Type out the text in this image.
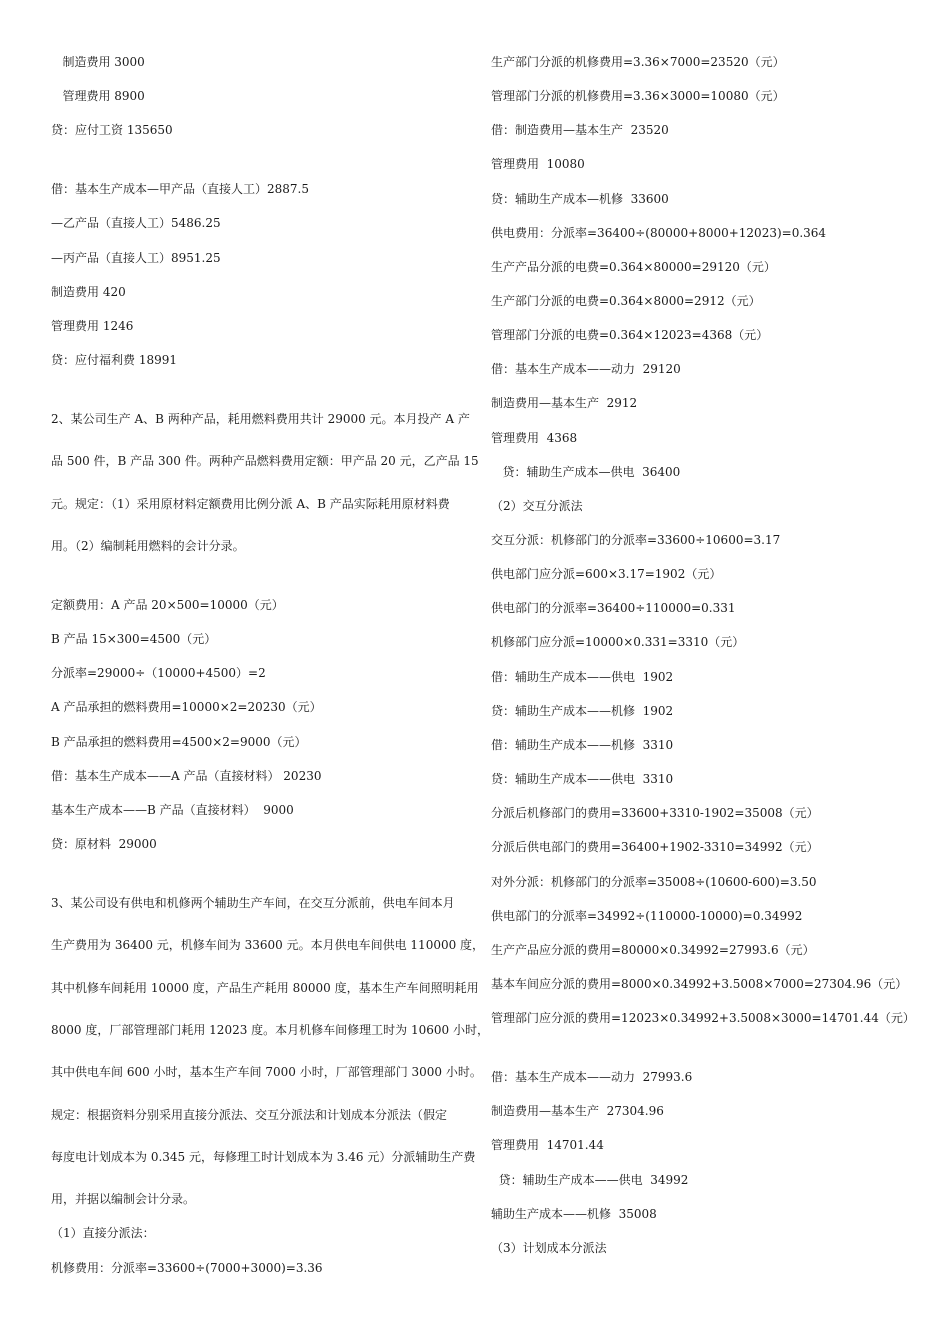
制造费用 3000
管理费用 8900
贷：应付工资 135650
借：基本生产成本—甲产品（直接人工）2887.5
—乙产品（直接人工）5486.25
—丙产品（直接人工）8951.25
制造费用 420
管理费用 1246
贷：应付福利费 18991
2、某公司生产 A、B 两种产品，耗用燃料费用共计 29000 元。本月投产 A 产
品 500 件，B 产品 300 件。两种产品燃料费用定额：甲产品 20 元，乙产品 15
元。规定：（1）采用原材料定额费用比例分派 A、B 产品实际耗用原材料费
用。（2）编制耗用燃料的会计分录。
定额费用：A 产品 20×500=10000（元）
B 产品 15×300=4500（元）
分派率=29000÷（10000+4500）=2
A 产品承担的燃料费用=10000×2=20230（元）
B 产品承担的燃料费用=4500×2=9000（元）
借：基本生产成本——A 产品（直接材料） 20230
基本生产成本——B 产品（直接材料）  9000
贷：原材料  29000
3、某公司设有供电和机修两个辅助生产车间，在交互分派前，供电车间本月
生产费用为 36400 元，机修车间为 33600 元。本月供电车间供电 110000 度，
其中机修车间耗用 10000 度，产品生产耗用 80000 度，基本生产车间照明耗用
8000 度，厂部管理部门耗用 12023 度。本月机修车间修理工时为 10600 小时，
其中供电车间 600 小时，基本生产车间 7000 小时，厂部管理部门 3000 小时。
规定：根据资料分别采用直接分派法、交互分派法和计划成本分派法（假定
每度电计划成本为 0.345 元，每修理工时计划成本为 3.46 元）分派辅助生产费
用，并据以编制会计分录。
（1）直接分派法：
机修费用：分派率=33600÷(7000+3000)=3.36
生产部门分派的机修费用=3.36×7000=23520（元）
管理部门分派的机修费用=3.36×3000=10080（元）
借：制造费用—基本生产  23520
管理费用  10080
贷：辅助生产成本—机修  33600
供电费用：分派率=36400÷(80000+8000+12023)=0.364
生产产品分派的电费=0.364×80000=29120（元）
生产部门分派的电费=0.364×8000=2912（元）
管理部门分派的电费=0.364×12023=4368（元）
借：基本生产成本——动力  29120
制造费用—基本生产  2912
管理费用  4368
贷：辅助生产成本—供电  36400
（2）交互分派法
交互分派：机修部门的分派率=33600÷10600=3.17
供电部门应分派=600×3.17=1902（元）
供电部门的分派率=36400÷110000=0.331
机修部门应分派=10000×0.331=3310（元）
借：辅助生产成本——供电  1902
贷：辅助生产成本——机修  1902
借：辅助生产成本——机修  3310
贷：辅助生产成本——供电  3310
分派后机修部门的费用=33600+3310-1902=35008（元）
分派后供电部门的费用=36400+1902-3310=34992（元）
对外分派：机修部门的分派率=35008÷(10600-600)=3.50
供电部门的分派率=34992÷(110000-10000)=0.34992
生产产品应分派的费用=80000×0.34992=27993.6（元）
基本车间应分派的费用=8000×0.34992+3.5008×7000=27304.96（元）
管理部门应分派的费用=12023×0.34992+3.5008×3000=14701.44（元）
借：基本生产成本——动力  27993.6
制造费用—基本生产  27304.96
管理费用  14701.44
贷：辅助生产成本——供电  34992
辅助生产成本——机修  35008
（3）计划成本分派法
